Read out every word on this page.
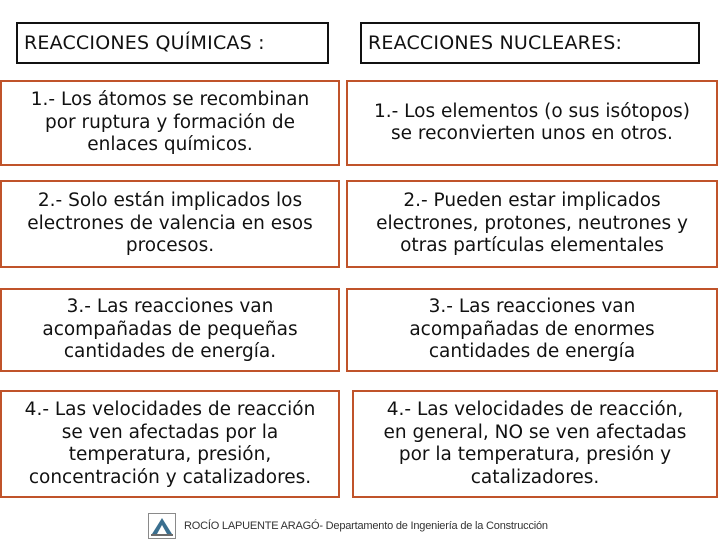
REACCIONES QUÍMICAS :	REACCIONES NUCLEARES:
1.- Los átomos se recombinan
por ruptura y formación de
enlaces químicos.
1.- Los elementos (o sus isótopos)
se reconvierten unos en otros.
2.- Solo están implicados los
electrones de valencia en esos
procesos.
2.- Pueden estar implicados
electrones, protones, neutrones y
otras partículas elementales
3.- Las reacciones van
acompañadas de pequeñas
cantidades de energía.
3.- Las reacciones van
acompañadas de enormes
cantidades de energía
4.- Las velocidades de reacción
se ven afectadas por la
temperatura, presión,
concentración y catalizadores.
4.- Las velocidades de reacción,
en general, NO se ven afectadas
por la temperatura, presión y
catalizadores.
ROCÍO LAPUENTE ARAGÓ- Departamento de Ingeniería de la Construcción
